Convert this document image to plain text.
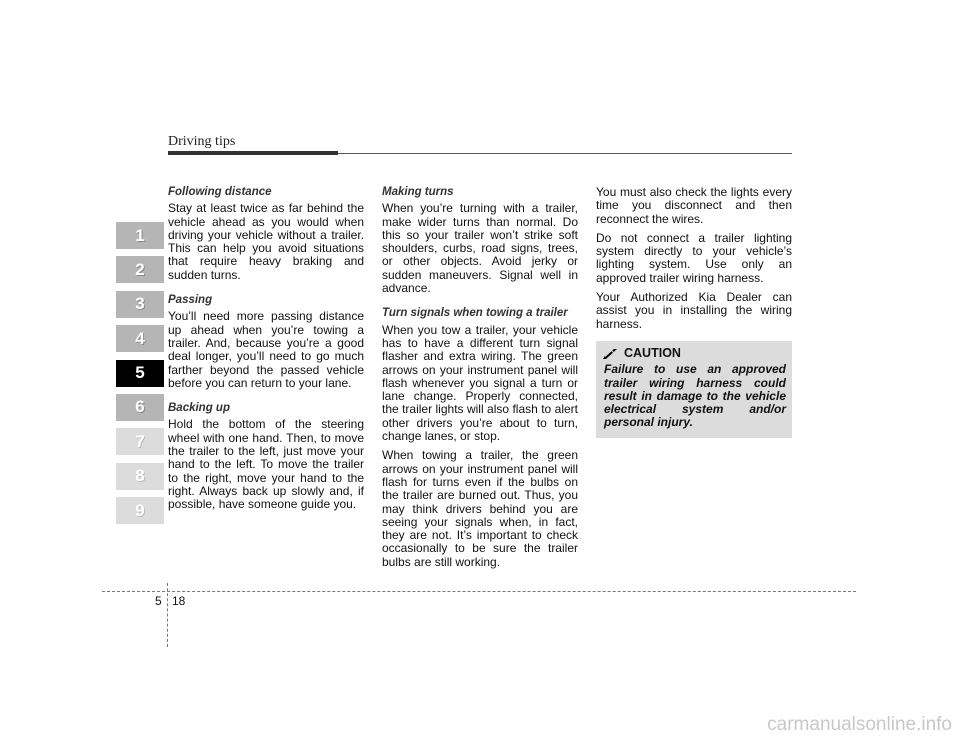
Driving tips
1
2
3
4
5
6
7
8
9
Following distance

Stay at least twice as far behind the vehicle ahead as you would when driving your vehicle without a trailer. This can help you avoid situations that require heavy braking and sudden turns.

Passing

You’ll need more passing distance up ahead when you’re towing a trailer. And, because you’re a good deal longer, you’ll need to go much farther beyond the passed vehicle before you can return to your lane.

Backing up

Hold the bottom of the steering wheel with one hand. Then, to move the trailer to the left, just move your hand to the left. To move the trailer to the right, move your hand to the right. Always back up slowly and, if possible, have someone guide you.

Making turns

When you’re turning with a trailer, make wider turns than normal. Do this so your trailer won’t strike soft shoulders, curbs, road signs, trees, or other objects. Avoid jerky or sudden maneuvers. Signal well in advance.

Turn signals when towing a trailer

When you tow a trailer, your vehicle has to have a different turn signal flasher and extra wiring. The green arrows on your instrument panel will flash whenever you signal a turn or lane change. Properly connected, the trailer lights will also flash to alert other drivers you’re about to turn, change lanes, or stop.

When towing a trailer, the green arrows on your instrument panel will flash for turns even if the bulbs on the trailer are burned out. Thus, you may think drivers behind you are seeing your signals when, in fact, they are not. It’s important to check occasionally to be sure the trailer bulbs are still working.

You must also check the lights every time you disconnect and then reconnect the wires.

Do not connect a trailer lighting system directly to your vehicle’s lighting system. Use only an approved trailer wiring harness.

Your Authorized Kia Dealer can assist you in installing the wiring harness.

CAUTION
Failure to use an approved trailer wiring harness could result in damage to the vehicle electrical system and/or personal injury.
5 18
carmanualsonline.info
